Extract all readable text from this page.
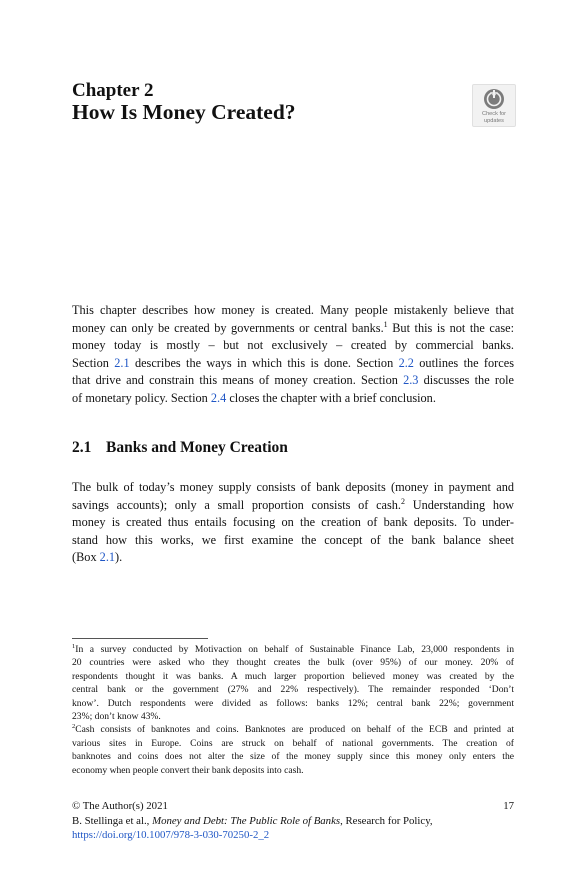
Chapter 2
How Is Money Created?	Check for
updates
This chapter describes how money is created. Many people mistakenly believe that
money can only be created by governments or central banks.$^1$ But this is not the case:
money today is mostly – but not exclusively – created by commercial banks.
Section 2.1 describes the ways in which this is done. Section 2.2 outlines the forces
that drive and constrain this means of money creation. Section 2.3 discusses the role
of monetary policy. Section 2.4 closes the chapter with a brief conclusion.
2.1 Banks and Money Creation
The bulk of today’s money supply consists of bank deposits (money in payment and
savings accounts); only a small proportion consists of cash.$^2$ Understanding how
money is created thus entails focusing on the creation of bank deposits. To under-
stand how this works, we first examine the concept of the bank balance sheet
(Box 2.1).
$^1$In a survey conducted by Motivaction on behalf of Sustainable Finance Lab, 23,000 respondents in
20 countries were asked who they thought creates the bulk (over 95%) of our money. 20% of
respondents thought it was banks. A much larger proportion believed money was created by the
central bank or the government (27% and 22% respectively). The remainder responded ‘Don’t
know’. Dutch respondents were divided as follows: banks 12%; central bank 22%; government
23%; don’t know 43%.
$^2$Cash consists of banknotes and coins. Banknotes are produced on behalf of the ECB and printed at
various sites in Europe. Coins are struck on behalf of national governments. The creation of
banknotes and coins does not alter the size of the money supply since this money only enters the
economy when people convert their bank deposits into cash.
© The Author(s) 2021	17
B. Stellinga et al., Money and Debt: The Public Role of Banks, Research for Policy,
https://doi.org/10.1007/978-3-030-70250-2_2
